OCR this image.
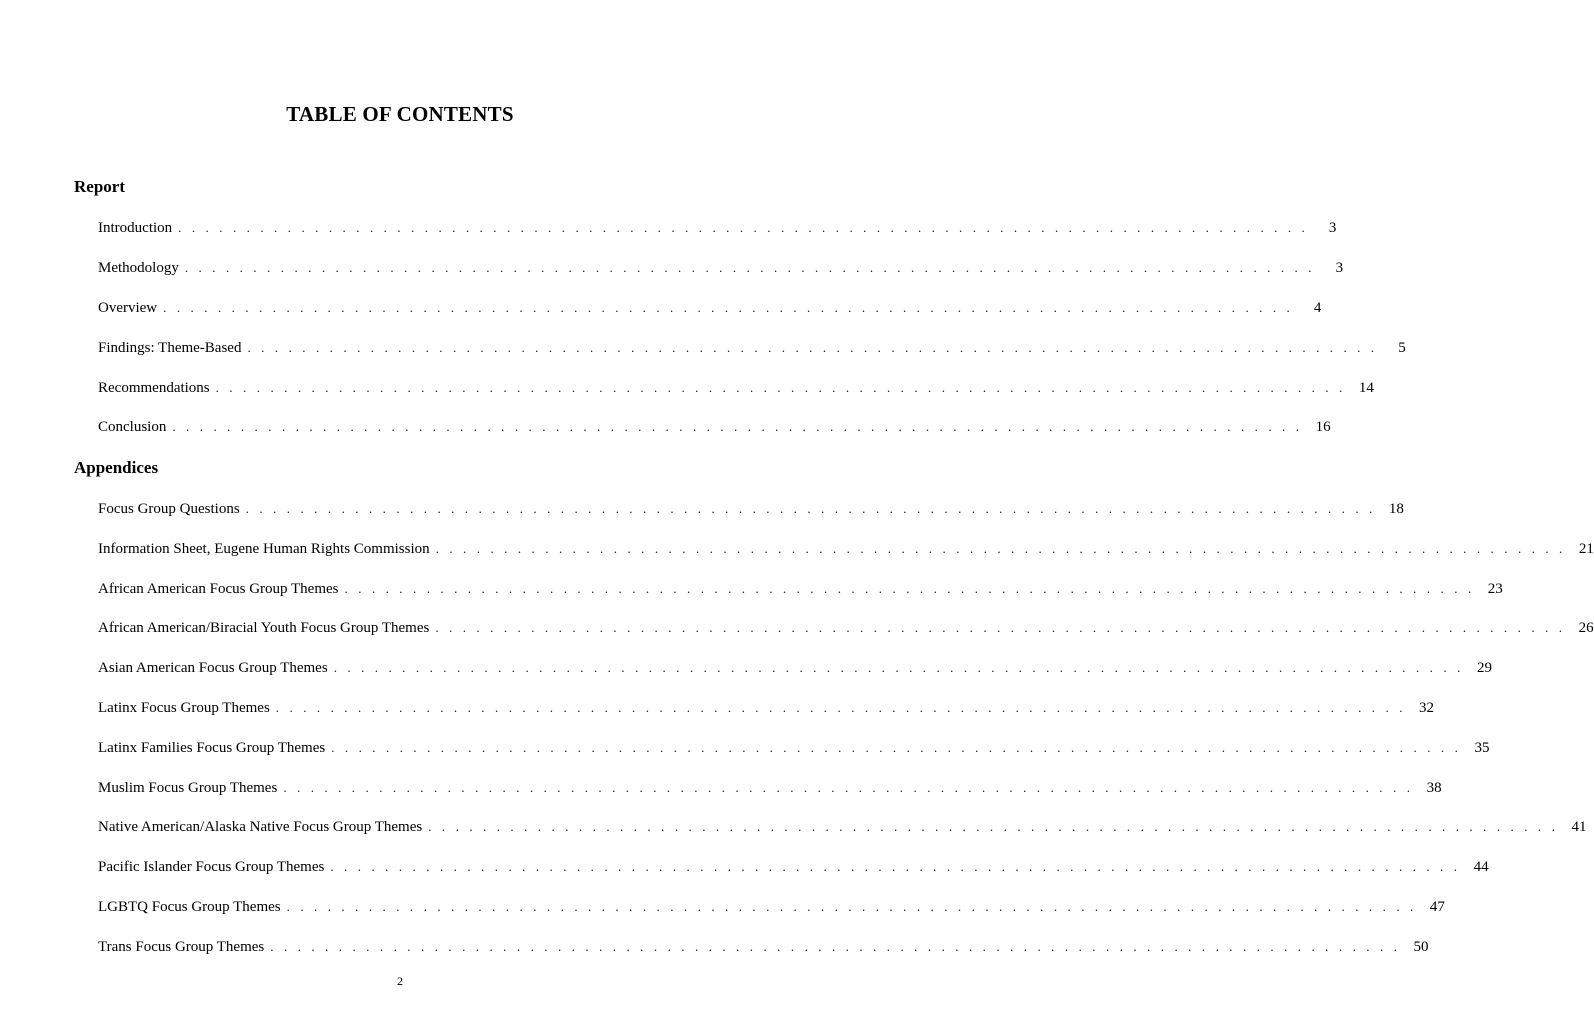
TABLE OF CONTENTS
Report
Introduction . . . . . . . . . . . . . . . . . . . . . . . . . . . . . . . . . . . . . . . . . . . . . . . . . . . . . . . . . . . . . . . . . . . . . . . . . . . . . . . . . . .	3
Methodology . . . . . . . . . . . . . . . . . . . . . . . . . . . . . . . . . . . . . . . . . . . . . . . . . . . . . . . . . . . . . . . . . . . . . . . . . . . . . . . . . . .	3
Overview . . . . . . . . . . . . . . . . . . . . . . . . . . . . . . . . . . . . . . . . . . . . . . . . . . . . . . . . . . . . . . . . . . . . . . . . . . . . . . . . . . .	4
Findings: Theme-Based . . . . . . . . . . . . . . . . . . . . . . . . . . . . . . . . . . . . . . . . . . . . . . . . . . . . . . . . . . . . . . . . . . . . . . . . . . . . . . . . . . .	5
Recommendations . . . . . . . . . . . . . . . . . . . . . . . . . . . . . . . . . . . . . . . . . . . . . . . . . . . . . . . . . . . . . . . . . . . . . . . . . . . . . . . . . . . 14
Conclusion . . . . . . . . . . . . . . . . . . . . . . . . . . . . . . . . . . . . . . . . . . . . . . . . . . . . . . . . . . . . . . . . . . . . . . . . . . . . . . . . . . . 16
Appendices
Focus Group Questions . . . . . . . . . . . . . . . . . . . . . . . . . . . . . . . . . . . . . . . . . . . . . . . . . . . . . . . . . . . . . . . . . . . . . . . . . . . . . . . . . . . 18
Information Sheet, Eugene Human Rights Commission . . . . . . . . . . . . . . . . . . . . . . . . . . . . . . . . . . . . . . . . . . . . . . . . . . . . . . . . . . . . . . . . . . . . . . . . . . . . . . . . . . . 21
African American Focus Group Themes . . . . . . . . . . . . . . . . . . . . . . . . . . . . . . . . . . . . . . . . . . . . . . . . . . . . . . . . . . . . . . . . . . . . . . . . . . . . . . . . . . . 23
African American/Biracial Youth Focus Group Themes . . . . . . . . . . . . . . . . . . . . . . . . . . . . . . . . . . . . . . . . . . . . . . . . . . . . . . . . . . . . . . . . . . . . . . . . . . . . . . . . . . . 26
Asian American Focus Group Themes . . . . . . . . . . . . . . . . . . . . . . . . . . . . . . . . . . . . . . . . . . . . . . . . . . . . . . . . . . . . . . . . . . . . . . . . . . . . . . . . . . . 29
Latinx Focus Group Themes . . . . . . . . . . . . . . . . . . . . . . . . . . . . . . . . . . . . . . . . . . . . . . . . . . . . . . . . . . . . . . . . . . . . . . . . . . . . . . . . . . . 32
Latinx Families Focus Group Themes . . . . . . . . . . . . . . . . . . . . . . . . . . . . . . . . . . . . . . . . . . . . . . . . . . . . . . . . . . . . . . . . . . . . . . . . . . . . . . . . . . . 35
Muslim Focus Group Themes . . . . . . . . . . . . . . . . . . . . . . . . . . . . . . . . . . . . . . . . . . . . . . . . . . . . . . . . . . . . . . . . . . . . . . . . . . . . . . . . . . . 38
Native American/Alaska Native Focus Group Themes . . . . . . . . . . . . . . . . . . . . . . . . . . . . . . . . . . . . . . . . . . . . . . . . . . . . . . . . . . . . . . . . . . . . . . . . . . . . . . . . . . . 41
Pacific Islander Focus Group Themes . . . . . . . . . . . . . . . . . . . . . . . . . . . . . . . . . . . . . . . . . . . . . . . . . . . . . . . . . . . . . . . . . . . . . . . . . . . . . . . . . . . 44
LGBTQ Focus Group Themes . . . . . . . . . . . . . . . . . . . . . . . . . . . . . . . . . . . . . . . . . . . . . . . . . . . . . . . . . . . . . . . . . . . . . . . . . . . . . . . . . . . 47
Trans Focus Group Themes . . . . . . . . . . . . . . . . . . . . . . . . . . . . . . . . . . . . . . . . . . . . . . . . . . . . . . . . . . . . . . . . . . . . . . . . . . . . . . . . . . . 50
2
